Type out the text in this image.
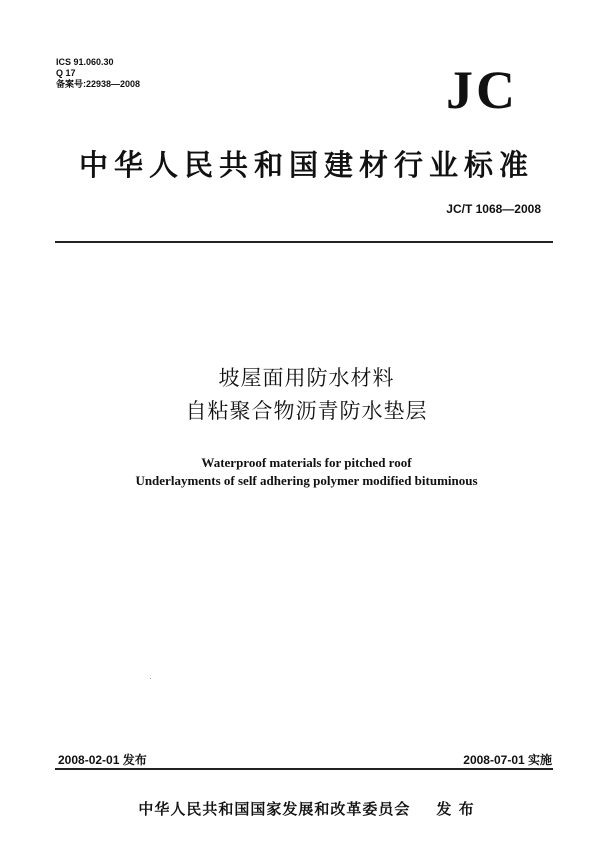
ICS 91.060.30
Q 17
备案号:22938—2008	JC
中华人民共和国建材行业标准
JC/T 1068—2008
坡屋面用防水材料
自粘聚合物沥青防水垫层
Waterproof materials for pitched roof
Underlayments of self adhering polymer modified bituminous
2008-02-01 发布	2008-07-01 实施
中华人民共和国国家发展和改革委员会 发 布
